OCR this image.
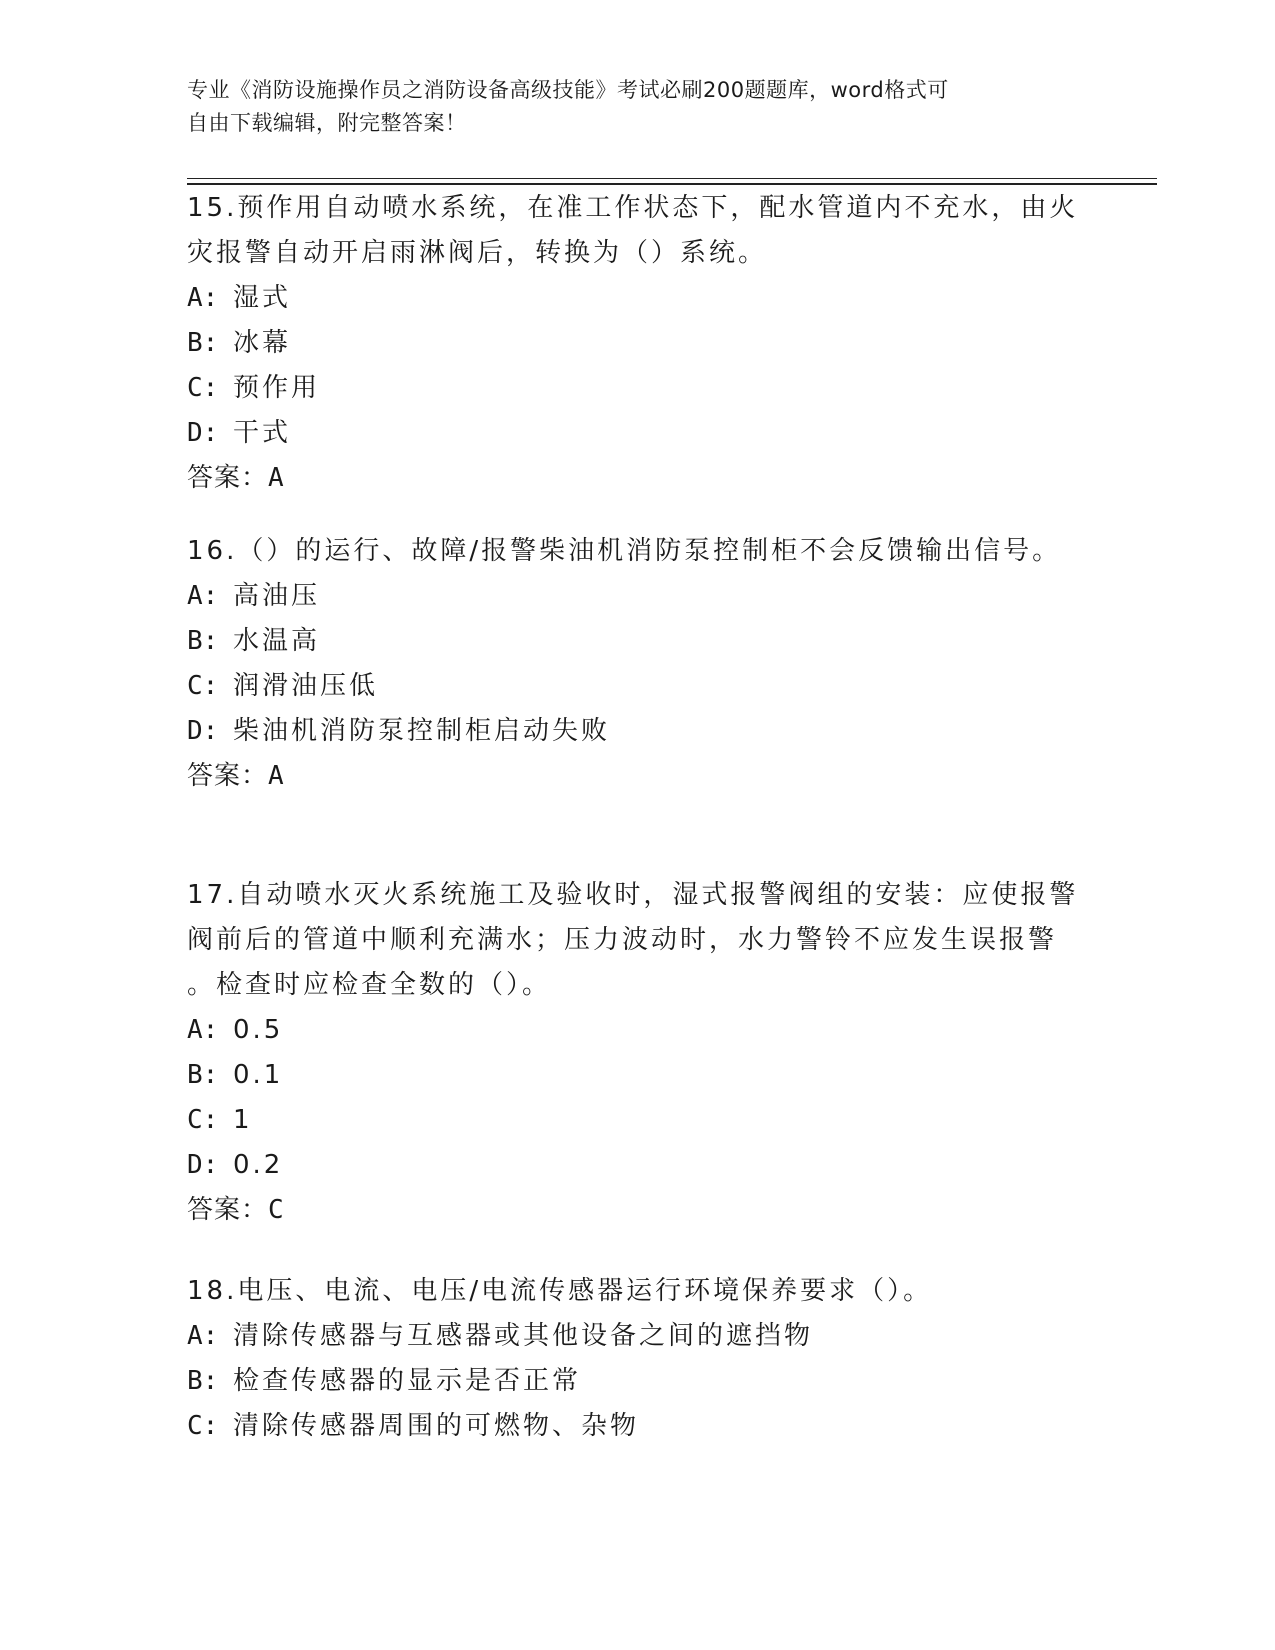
专业《消防设施操作员之消防设备高级技能》考试必刷200题题库，word格式可
自由下载编辑，附完整答案！
15.预作用自动喷水系统，在准工作状态下，配水管道内不充水，由火
灾报警自动开启雨淋阀后，转换为（）系统。
A: 湿式
B: 冰幕
C: 预作用
D: 干式
答案：A
16.（）的运行、故障/报警柴油机消防泵控制柜不会反馈输出信号。
A: 高油压
B: 水温高
C: 润滑油压低
D: 柴油机消防泵控制柜启动失败
答案：A
17.自动喷水灭火系统施工及验收时，湿式报警阀组的安装：应使报警
阀前后的管道中顺利充满水；压力波动时，水力警铃不应发生误报警
。检查时应检查全数的（）。
A: 0.5
B: 0.1
C: 1
D: 0.2
答案：C
18.电压、电流、电压/电流传感器运行环境保养要求（）。
A: 清除传感器与互感器或其他设备之间的遮挡物
B: 检查传感器的显示是否正常
C: 清除传感器周围的可燃物、杂物
